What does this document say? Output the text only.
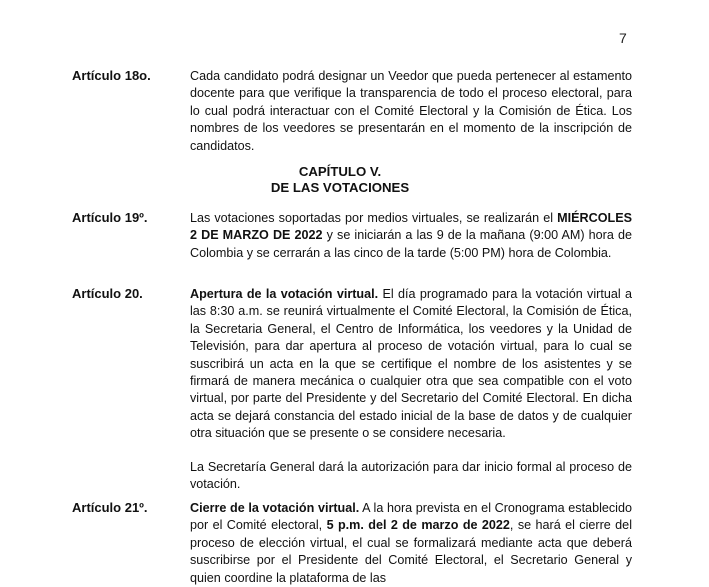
7
Artículo 18o.	Cada candidato podrá designar un Veedor que pueda pertenecer al estamento docente para que verifique la transparencia de todo el proceso electoral, para lo cual podrá interactuar con el Comité Electoral y la Comisión de Ética. Los nombres de los veedores se presentarán en el momento de la inscripción de candidatos.

CAPÍTULO V.
DE LAS VOTACIONES
Artículo 19º.	Las votaciones soportadas por medios virtuales, se realizarán el MIÉRCOLES 2 DE MARZO DE 2022 y se iniciarán a las 9 de la mañana (9:00 AM) hora de Colombia y se cerrarán a las cinco de la tarde (5:00 PM) hora de Colombia.

Artículo 20.	Apertura de la votación virtual. El día programado para la votación virtual a las 8:30 a.m. se reunirá virtualmente el Comité Electoral, la Comisión de Ética, la Secretaria General, el Centro de Informática, los veedores y la Unidad de Televisión, para dar apertura al proceso de votación virtual, para lo cual se suscribirá un acta en la que se certifique el nombre de los asistentes y se firmará de manera mecánica o cualquier otra que sea compatible con el voto virtual, por parte del Presidente y del Secretario del Comité Electoral. En dicha acta se dejará constancia del estado inicial de la base de datos y de cualquier otra situación que se presente o se considere necesaria.

La Secretaría General dará la autorización para dar inicio formal al proceso de votación.

Artículo 21º.	Cierre de la votación virtual. A la hora prevista en el Cronograma establecido por el Comité electoral, 5 p.m. del 2 de marzo de 2022, se hará el cierre del proceso de elección virtual, el cual se formalizará mediante acta que deberá suscribirse por el Presidente del Comité Electoral, el Secretario General y quien coordine la plataforma de las
